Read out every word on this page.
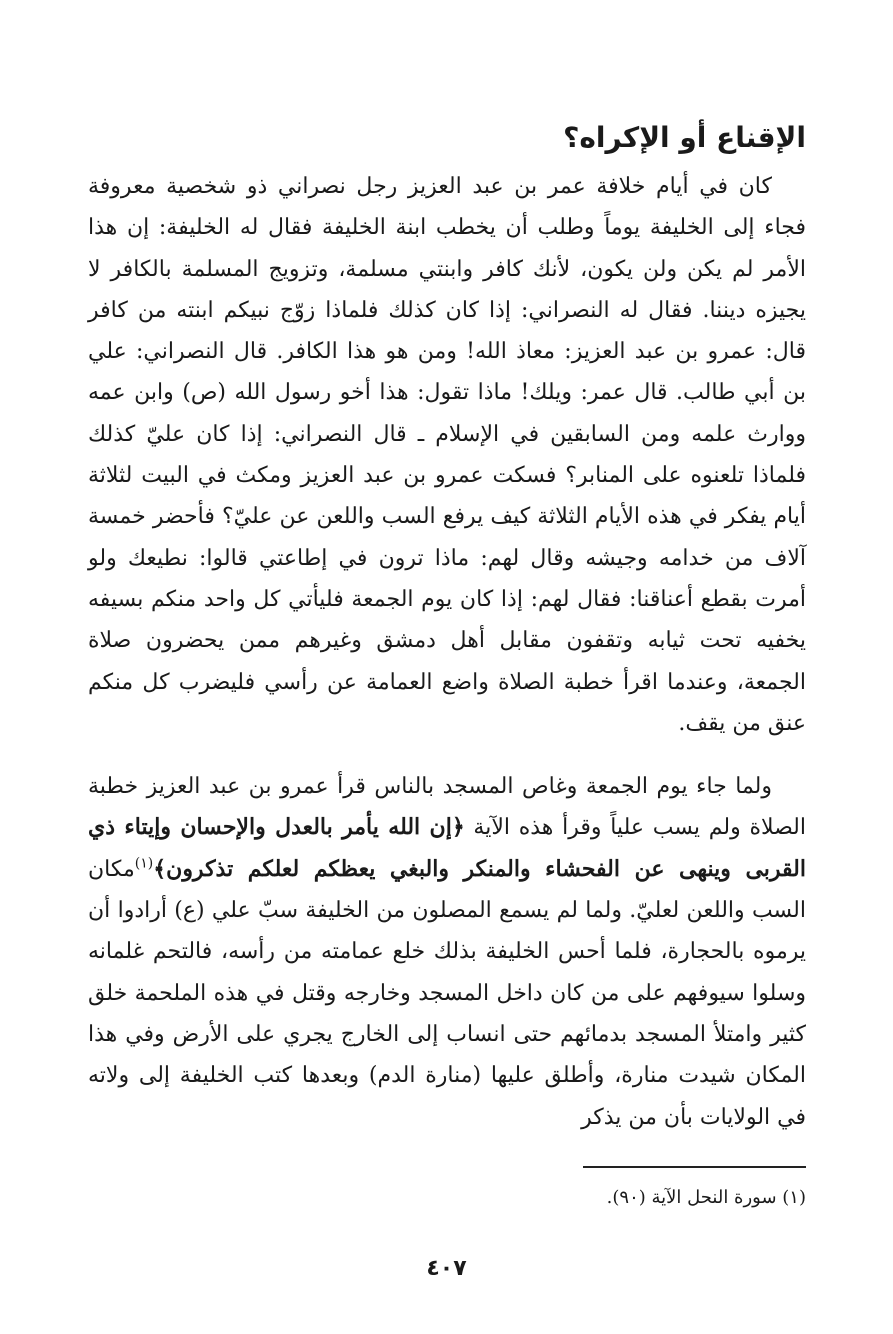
الإقناع أو الإكراه؟

كان في أيام خلافة عمر بن عبد العزيز رجل نصراني ذو شخصية معروفة فجاء إلى الخليفة يوماً وطلب أن يخطب ابنة الخليفة فقال له الخليفة: إن هذا الأمر لم يكن ولن يكون، لأنك كافر وابنتي مسلمة، وتزويج المسلمة بالكافر لا يجيزه ديننا. فقال له النصراني: إذا كان كذلك فلماذا زوّج نبيكم ابنته من كافر قال: عمرو بن عبد العزيز: معاذ الله! ومن هو هذا الكافر. قال النصراني: علي بن أبي طالب. قال عمر: ويلك! ماذا تقول: هذا أخو رسول الله (ص) وابن عمه ووارث علمه ومن السابقين في الإسلام ـ قال النصراني: إذا كان عليّ كذلك فلماذا تلعنوه على المنابر؟ فسكت عمرو بن عبد العزيز ومكث في البيت لثلاثة أيام يفكر في هذه الأيام الثلاثة كيف يرفع السب واللعن عن عليّ؟ فأحضر خمسة آلاف من خدامه وجيشه وقال لهم: ماذا ترون في إطاعتي قالوا: نطيعك ولو أمرت بقطع أعناقنا: فقال لهم: إذا كان يوم الجمعة فليأتي كل واحد منكم بسيفه يخفيه تحت ثيابه وتقفون مقابل أهل دمشق وغيرهم ممن يحضرون صلاة الجمعة، وعندما اقرأ خطبة الصلاة واضع العمامة عن رأسي فليضرب كل منكم عنق من يقف.

ولما جاء يوم الجمعة وغاص المسجد بالناس قرأ عمرو بن عبد العزيز خطبة الصلاة ولم يسب علياً وقرأ هذه الآية ﴿إن الله يأمر بالعدل والإحسان وإيتاء ذي القربى وينهى عن الفحشاء والمنكر والبغي يعظكم لعلكم تذكرون﴾$^{(١)}$مكان السب واللعن لعليّ. ولما لم يسمع المصلون من الخليفة سبّ علي (ع) أرادوا أن يرموه بالحجارة، فلما أحس الخليفة بذلك خلع عمامته من رأسه، فالتحم غلمانه وسلوا سيوفهم على من كان داخل المسجد وخارجه وقتل في هذه الملحمة خلق كثير وامتلأ المسجد بدمائهم حتى انساب إلى الخارج يجري على الأرض وفي هذا المكان شيدت منارة، وأطلق عليها (منارة الدم) وبعدها كتب الخليفة إلى ولاته في الولايات بأن من يذكر

(١) سورة النحل الآية (٩٠).
٤٠٧
